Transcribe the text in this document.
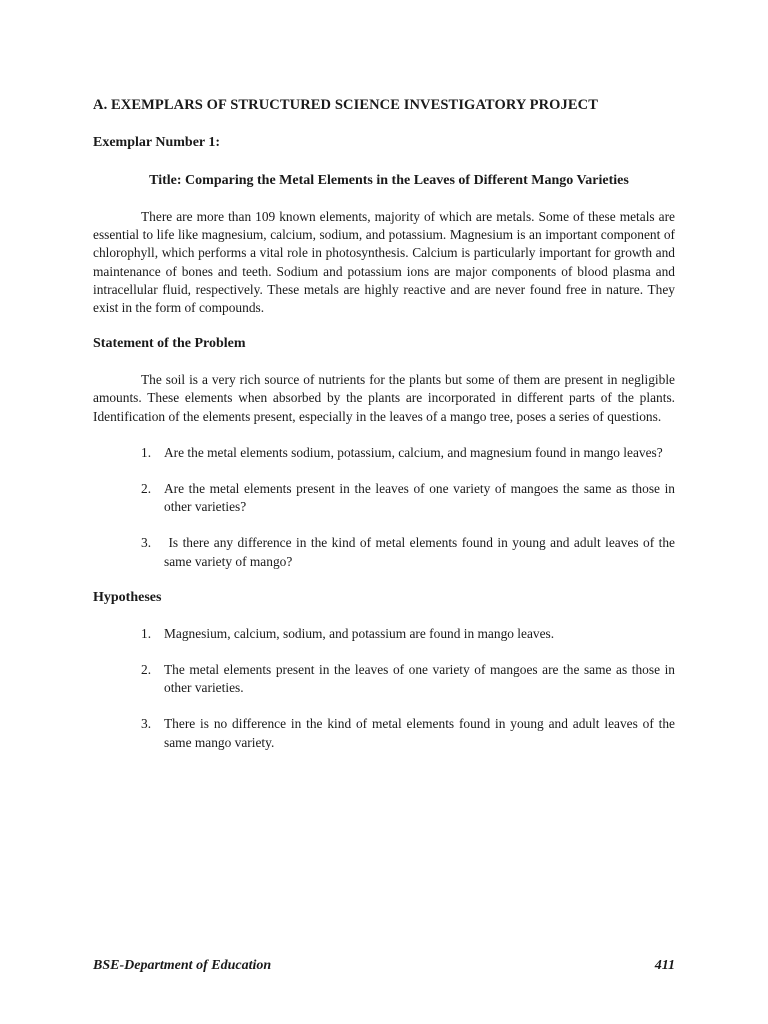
A. EXEMPLARS OF STRUCTURED SCIENCE INVESTIGATORY PROJECT
Exemplar Number 1:
Title: Comparing the Metal Elements in the Leaves of Different Mango Varieties

There are more than 109 known elements, majority of which are metals. Some of these metals are essential to life like magnesium, calcium, sodium, and potassium. Magnesium is an important component of chlorophyll, which performs a vital role in photosynthesis. Calcium is particularly important for growth and maintenance of bones and teeth. Sodium and potassium ions are major components of blood plasma and intracellular fluid, respectively. These metals are highly reactive and are never found free in nature. They exist in the form of compounds.

Statement of the Problem

The soil is a very rich source of nutrients for the plants but some of them are present in negligible amounts. These elements when absorbed by the plants are incorporated in different parts of the plants. Identification of the elements present, especially in the leaves of a mango tree, poses a series of questions.

1. Are the metal elements sodium, potassium, calcium, and magnesium found in mango leaves?
2. Are the metal elements present in the leaves of one variety of mangoes the same as those in other varieties?
3. Is there any difference in the kind of metal elements found in young and adult leaves of the same variety of mango?
Hypotheses
1. Magnesium, calcium, sodium, and potassium are found in mango leaves.
2. The metal elements present in the leaves of one variety of mangoes are the same as those in other varieties.
3. There is no difference in the kind of metal elements found in young and adult leaves of the same mango variety.
BSE-Department of Education	411
